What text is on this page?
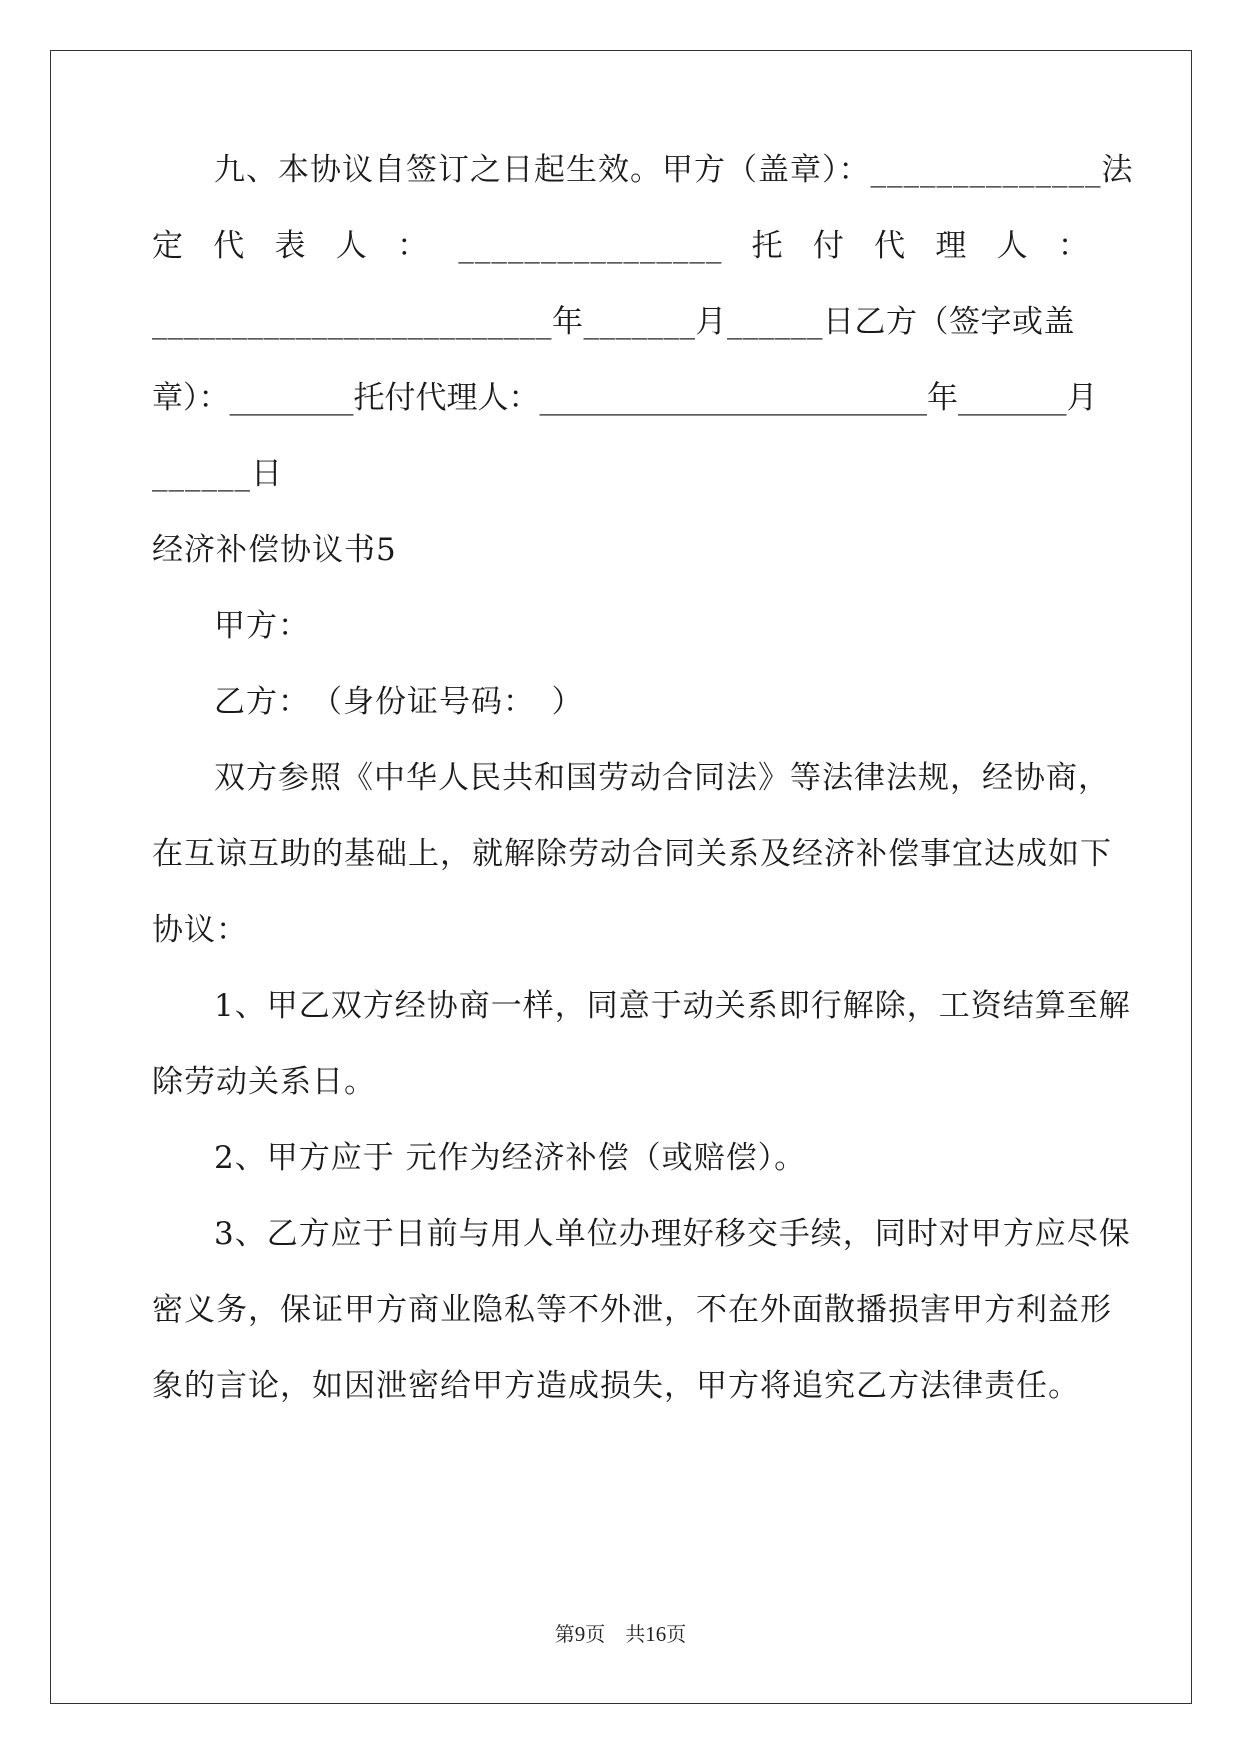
九、本协议自签订之日起生效。甲方（盖章）：______________法
定 代 表 人 ： ________________ 托 付 代 理 人 ：
_________________________年_______月______日乙方（签字或盖
章）：________托付代理人：_________________________年_______月
______日
经济补偿协议书5
甲方：
乙方：　（身份证号码：　）
双方参照《中华人民共和国劳动合同法》等法律法规，经协商，
在互谅互助的基础上，就解除劳动合同关系及经济补偿事宜达成如下
协议：
1、甲乙双方经协商一样，同意于动关系即行解除，工资结算至解
除劳动关系日。
2、甲方应于 元作为经济补偿（或赔偿）。
3、乙方应于日前与用人单位办理好移交手续，同时对甲方应尽保
密义务，保证甲方商业隐私等不外泄，不在外面散播损害甲方利益形
象的言论，如因泄密给甲方造成损失，甲方将追究乙方法律责任。
第9页　共16页
